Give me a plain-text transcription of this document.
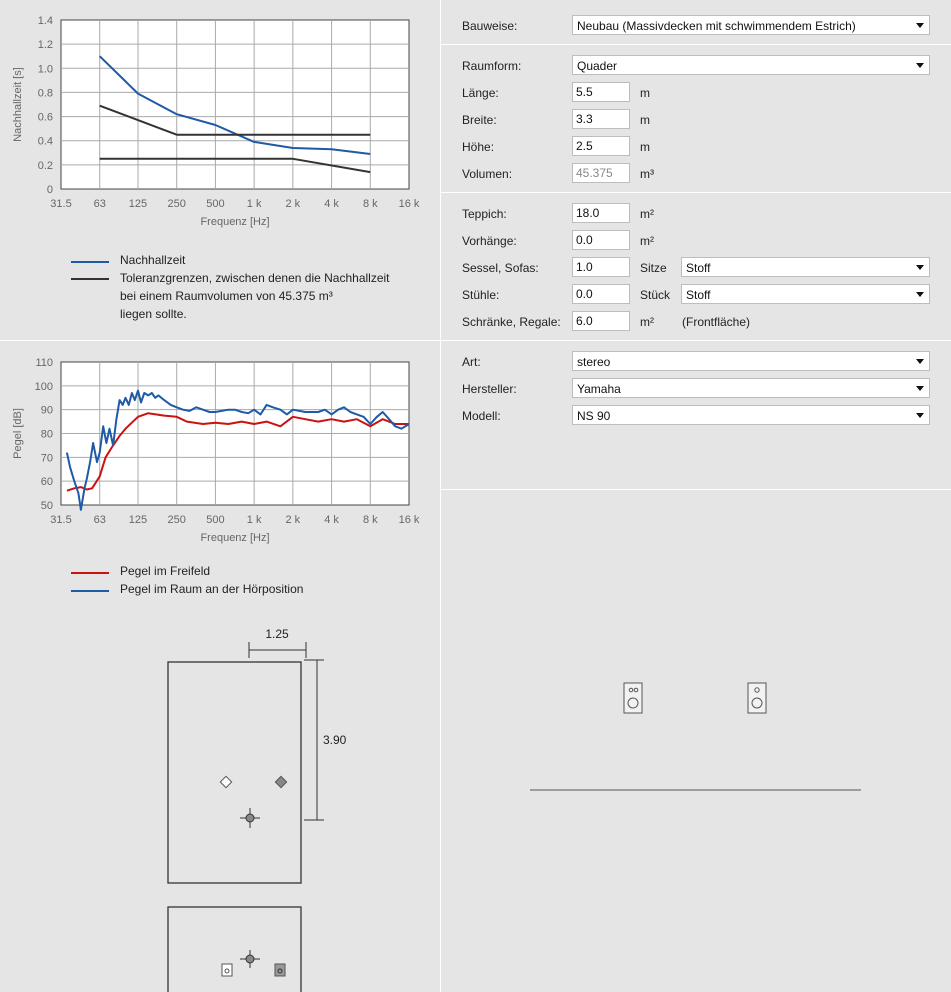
31.5 63 125 250 500 1 k 2 k 4 k 8 k 16 k
0
0.2
0.4
0.6
0.8
1.0
1.2
1.4
Frequenz [Hz]
Nachhallzeit [s]
Nachhallzeit
Toleranzgrenzen, zwischen denen die Nachhallzeit
bei einem Raumvolumen von 45.375 m³
liegen sollte.
31.5 63 125 250 500 1 k 2 k 4 k 8 k 16 k
50
60
70
80
90
100
110
Frequenz [Hz]
Pegel [dB]
Pegel im Freifeld
Pegel im Raum an der Hörposition
1.25
3.90
Bauweise:	Neubau (Massivdecken mit schwimmendem Estrich)
Raumform:	Quader
Länge:
5.5	m
Breite:
3.3	m
Höhe:
2.5	m
Volumen:
45.375	m³
Teppich:
18.0	m²
Vorhänge:
0.0	m²
Sessel, Sofas:
1.0	Sitze	Stoff
Stühle:
0.0	Stück	Stoff
Schränke, Regale:
6.0	m² (Frontfläche)
Art:	stereo
Hersteller:	Yamaha
Modell:	NS 90
